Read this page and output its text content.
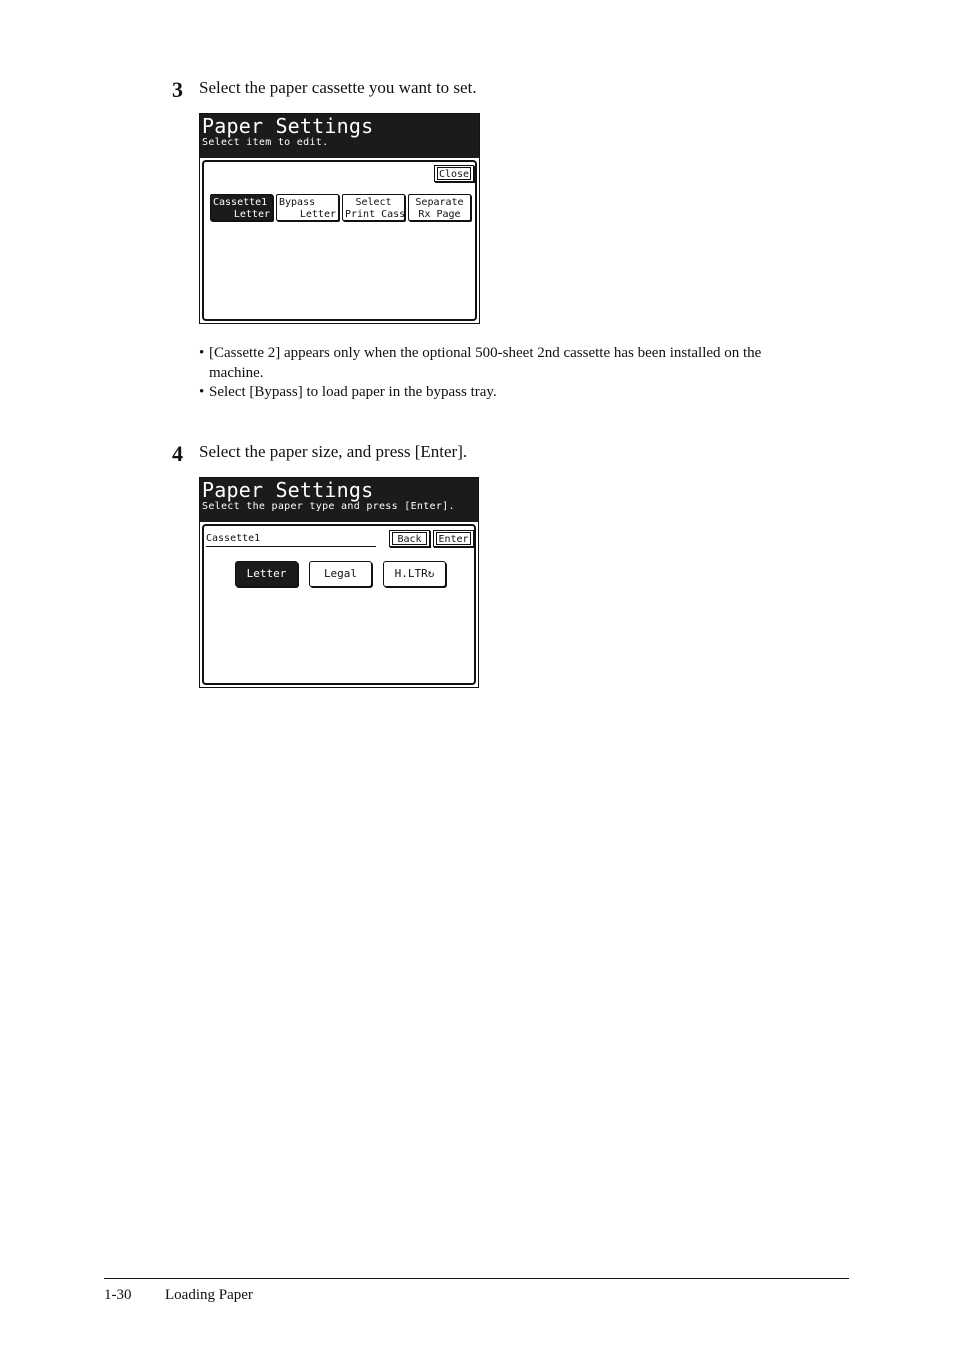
3 Select the paper cassette you want to set.
Paper Settings
Select item to edit.
Close
Cassette1
Letter
Bypass
Letter
Select
Print Cass
Separate
Rx Page
• [Cassette 2] appears only when the optional 500-sheet 2nd cassette has been installed on the
machine.
• Select [Bypass] to load paper in the bypass tray.
4 Select the paper size, and press [Enter].
Paper Settings
Select the paper type and press [Enter].
Cassette1	Back	Enter
Letter	Legal	H.LTR↻
1-30 Loading Paper
